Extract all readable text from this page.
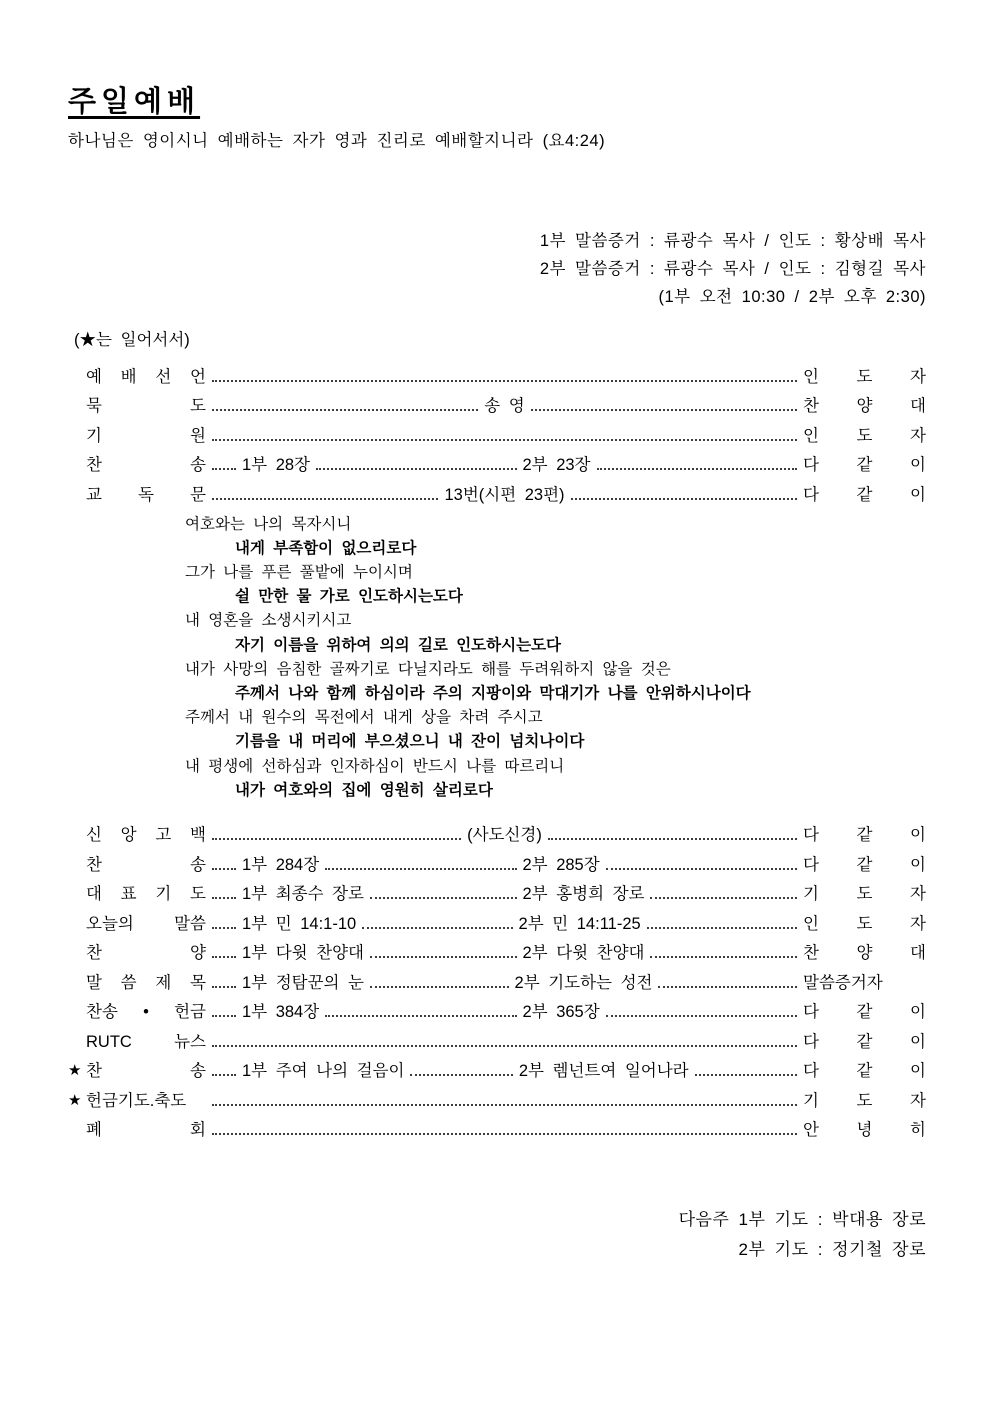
주일예배
하나님은 영이시니 예배하는 자가 영과 진리로 예배할지니라 (요4:24)
1부 말씀증거 : 류광수 목사 / 인도 : 황상배 목사
2부 말씀증거 : 류광수 목사 / 인도 : 김형길 목사
(1부 오전 10:30 / 2부 오후 2:30)
(★는 일어서서)
예 배 선 언	인 도 자
묵 도	송 영	찬 양 대
기 원	인 도 자
찬 송 1부 28장	2부 23장	다 같 이
교 독 문	13번(시편 23편)	다 같 이
여호와는 나의 목자시니
내게 부족함이 없으리로다
그가 나를 푸른 풀밭에 누이시며
쉴 만한 물 가로 인도하시는도다
내 영혼을 소생시키시고
자기 이름을 위하여 의의 길로 인도하시는도다
내가 사망의 음침한 골짜기로 다닐지라도 해를 두려워하지 않을 것은
주께서 나와 함께 하심이라 주의 지팡이와 막대기가 나를 안위하시나이다
주께서 내 원수의 목전에서 내게 상을 차려 주시고
기름을 내 머리에 부으셨으니 내 잔이 넘치나이다
내 평생에 선하심과 인자하심이 반드시 나를 따르리니
내가 여호와의 집에 영원히 살리로다
신 앙 고 백	(사도신경)	다 같 이
찬 송 1부 284장	2부 285장	다 같 이
대 표 기 도 1부 최종수 장로	2부 홍병희 장로	기 도 자
오늘의 말씀 1부 민 14:1-10	2부 민 14:11-25	인 도 자
찬 양 1부 다윗 찬양대	2부 다윗 찬양대	찬 양 대
말 씀 제 목 1부 정탐꾼의 눈	2부 기도하는 성전	말씀증거자
찬송 • 헌금 1부 384장	2부 365장	다 같 이
RUTC 뉴스	다 같 이
★ 찬 송 1부 주여 나의 걸음이	2부 렘넌트여 일어나라	다 같 이
★ 헌금기도.축도	기 도 자
폐 회	안 녕 히
다음주 1부 기도 : 박대용 장로
2부 기도 : 정기철 장로
